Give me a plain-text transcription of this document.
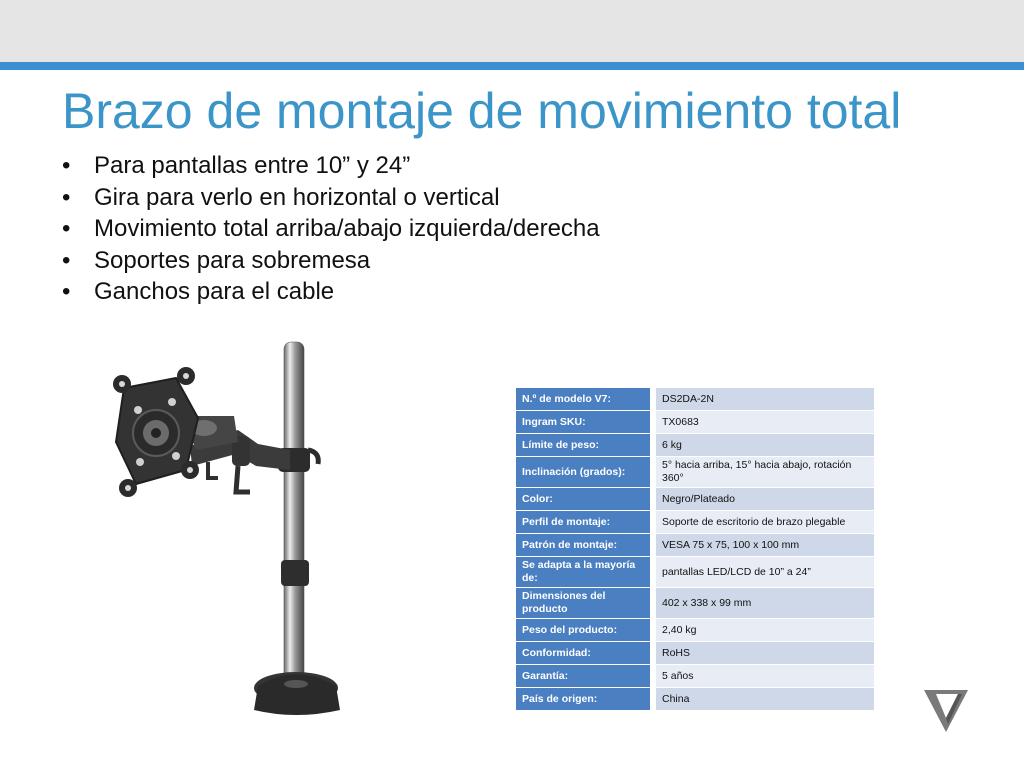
Brazo de montaje de movimiento total
• Para pantallas entre 10” y 24”
• Gira para verlo en horizontal o vertical
• Movimiento total arriba/abajo izquierda/derecha
• Soportes para sobremesa
• Ganchos para el cable
N.º de modelo V7:	DS2DA-2N
Ingram SKU:	TX0683
Límite de peso:	6 kg
Inclinación (grados):	5° hacia arriba, 15° hacia abajo, rotación 360°
Color:	Negro/Plateado
Perfil de montaje:	Soporte de escritorio de brazo plegable
Patrón de montaje:	VESA 75 x 75, 100 x 100 mm
Se adapta a la mayoría de:	pantallas LED/LCD de 10” a 24”
Dimensiones del producto	402 x 338 x 99 mm
Peso del producto:	2,40 kg
Conformidad:	RoHS
Garantía:	5 años
País de origen:	China
